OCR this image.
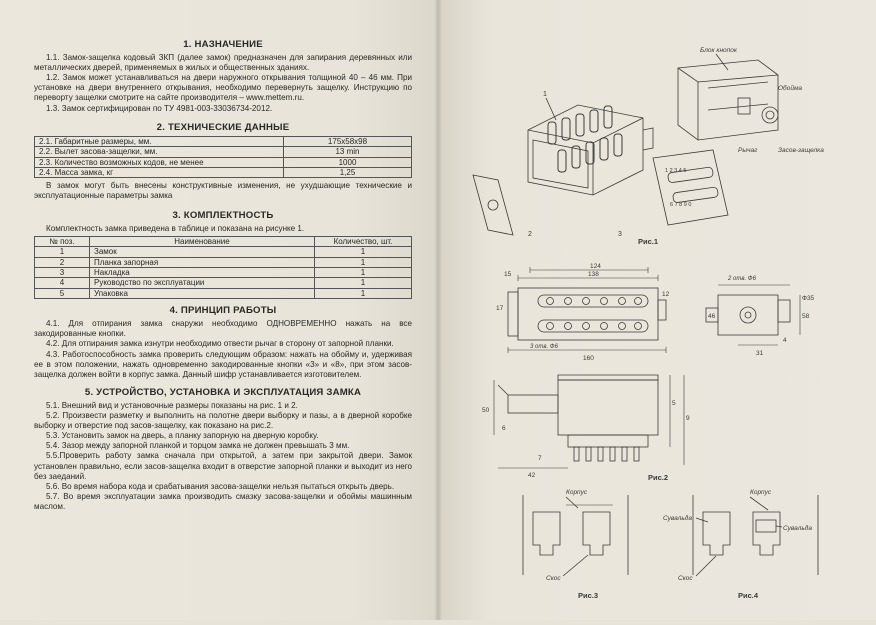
1. НАЗНАЧЕНИЕ

1.1. Замок-защелка кодовый ЗКП (далее замок) предназначен для запирания деревянных или металлических дверей, применяемых в жилых и общественных зданиях.

1.2. Замок может устанавливаться на двери наружного открывания толщиной 40 – 46 мм. При установке на двери внутреннего открывания, необходимо перевернуть защелку. Инструкцию по переворту защелки смотрите на сайте производителя – www.mettem.ru.

1.3. Замок сертифицирован по ТУ 4981-003-33036734-2012.

2. ТЕХНИЧЕСКИЕ ДАННЫЕ
2.1. Габаритные размеры, мм.	175x58x98
2.2. Вылет засова-защелки, мм.	13 min
2.3. Количество возможных кодов, не менее	1000
2.4. Масса замка, кг	1,25

В замок могут быть внесены конструктивные изменения, не ухудшающие технические и эксплуатационные параметры замка

3. КОМПЛЕКТНОСТЬ

Комплектность замка приведена в таблице и показана на рисунке 1.

№ поз.	Наименование	Количество, шт.
1	Замок	1
2	Планка запорная	1
3	Накладка	1
4	Руководство по эксплуатации	1
5	Упаковка	1
4. ПРИНЦИП РАБОТЫ

4.1. Для отпирания замка снаружи необходимо ОДНОВРЕМЕННО нажать на все закодированные кнопки.

4.2. Для отпирания замка изнутри необходимо отвести рычаг в сторону от запорной планки.

4.3. Работоспособность замка проверить следующим образом: нажать на обойму и, удерживая ее в этом положении, нажать одновременно закодированные кнопки «3» и «8», при этом засов-защелка должен войти в корпус замка. Данный шифр устанавливается изготовителем.

5. УСТРОЙСТВО, УСТАНОВКА И ЭКСПЛУАТАЦИЯ ЗАМКА

5.1. Внешний вид и установочные размеры показаны на рис. 1 и 2.

5.2. Произвести разметку и выполнить на полотне двери выборку и пазы, а в дверной коробке выборку и отверстие под засов-защелку, как показано на рис.2.

5.3. Установить замок на дверь, а планку запорную на дверную коробку.

5.4. Зазор между запорной планкой и торцом замка не должен превышать 3 мм.

5.5.Проверить работу замка сначала при открытой, а затем при закрытой двери. Замок установлен правильно, если засов-защелка входит в отверстие запорной планки и выходит из него без заеданий.

5.6. Во время набора кода и срабатывания засова-защелки нельзя пытаться открыть дверь.

5.7. Во время эксплуатации замка производить смазку засова-защелки и обоймы машинным маслом.

Блок кнопок
Обойма
Рычаг	Засов-защелка
1
2	3
1 2 3 4 5
6 7 8 9 0
Рис.1
138
124
15
17
12
160
3 отв. Ф6
2 отв. Ф6
58
46
31
4
Ф35
42
50
5
6
7
9
Рис.2
Корпус
Скос
Рис.3
Корпус
Сувальда
Сувальда
Скос
Рис.4
